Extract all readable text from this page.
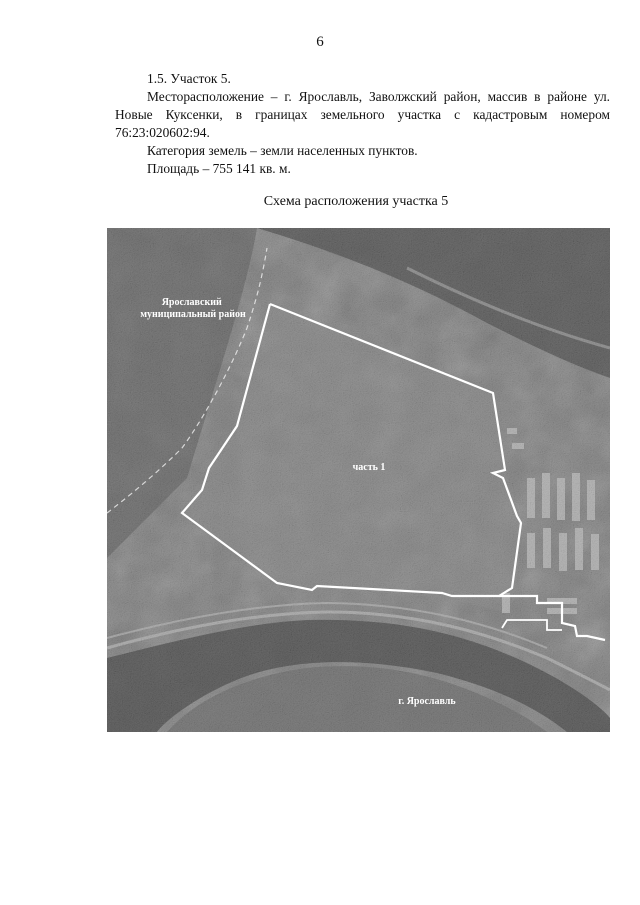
6

1.5. Участок 5.

Месторасположение – г. Ярославль, Заволжский район, массив в районе ул. Новые Куксенки, в границах земельного участка с кадастровым номером 76:23:020602:94.

Категория земель – земли населенных пунктов.

Площадь – 755 141 кв. м.

Схема расположения участка 5
Ярославский муниципальный район
часть 1
г. Ярославль
